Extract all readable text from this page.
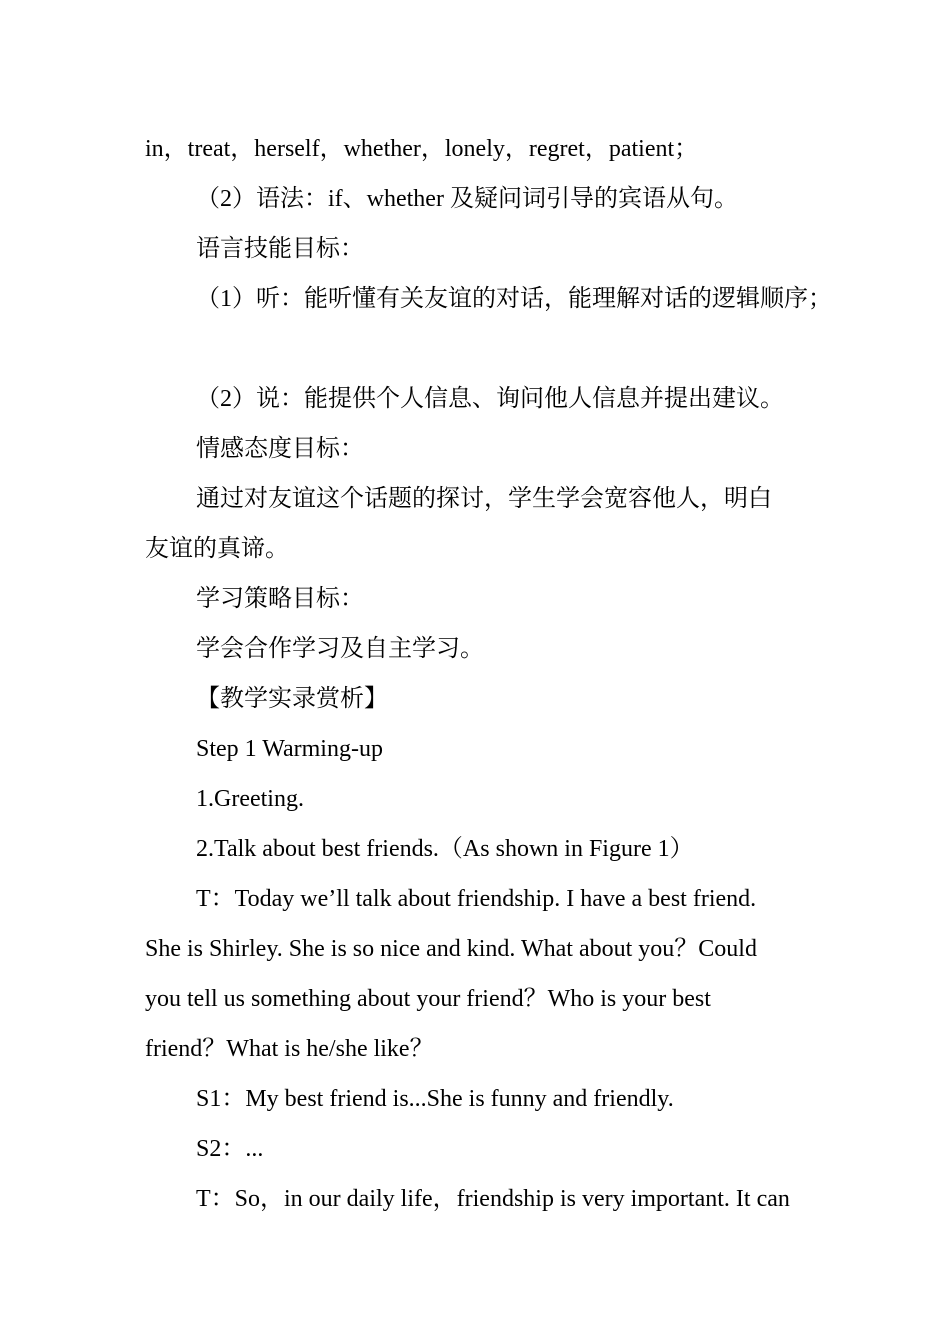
in，treat，herself，whether，lonely，regret，patient；
（2）语法：if、whether 及疑问词引导的宾语从句。
语言技能目标：
（1）听：能听懂有关友谊的对话，能理解对话的逻辑顺序；
（2）说：能提供个人信息、询问他人信息并提出建议。
情感态度目标：
通过对友谊这个话题的探讨，学生学会宽容他人，明白
友谊的真谛。
学习策略目标：
学会合作学习及自主学习。
【教学实录赏析】
Step 1 Warming-up
1.Greeting.
2.Talk about best friends.（As shown in Figure 1）
T：Today we’ll talk about friendship. I have a best friend.
She is Shirley. She is so nice and kind. What about you？Could
you tell us something about your friend？Who is your best
friend？What is he/she like？
S1：My best friend is...She is funny and friendly.
S2：...
T：So，in our daily life，friendship is very important. It can
